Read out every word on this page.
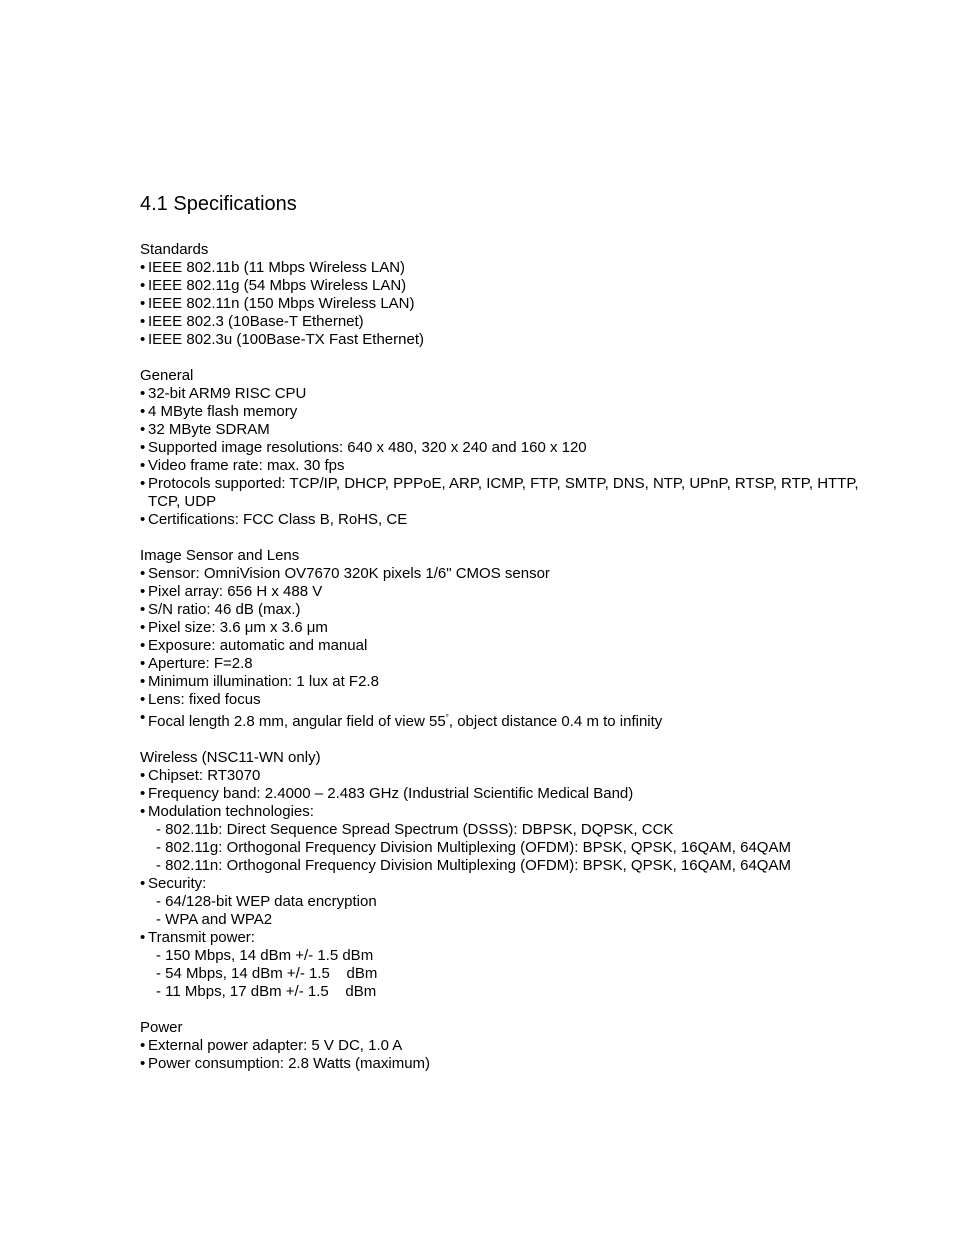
4.1 Specifications

Standards

• IEEE 802.11b (11 Mbps Wireless LAN)
• IEEE 802.11g (54 Mbps Wireless LAN)
• IEEE 802.11n (150 Mbps Wireless LAN)
• IEEE 802.3 (10Base-T Ethernet)
• IEEE 802.3u (100Base-TX Fast Ethernet)

General

• 32-bit ARM9 RISC CPU
• 4 MByte flash memory
• 32 MByte SDRAM
• Supported image resolutions: 640 x 480, 320 x 240 and 160 x 120
• Video frame rate: max. 30 fps
• Protocols supported: TCP/IP, DHCP, PPPoE, ARP, ICMP, FTP, SMTP, DNS, NTP, UPnP, RTSP, RTP, HTTP, TCP, UDP
• Certifications: FCC Class B, RoHS, CE

Image Sensor and Lens

• Sensor: OmniVision OV7670 320K pixels 1/6" CMOS sensor
• Pixel array: 656 H x 488 V
• S/N ratio: 46 dB (max.)
• Pixel size: 3.6 μm x 3.6 μm
• Exposure: automatic and manual
• Aperture: F=2.8
• Minimum illumination: 1 lux at F2.8
• Lens: fixed focus
• Focal length 2.8 mm, angular field of view 55°, object distance 0.4 m to infinity

Wireless (NSC11-WN only)

• Chipset: RT3070
• Frequency band: 2.4000 – 2.483 GHz (Industrial Scientific Medical Band)
• Modulation technologies:
- 802.11b: Direct Sequence Spread Spectrum (DSSS): DBPSK, DQPSK, CCK
- 802.11g: Orthogonal Frequency Division Multiplexing (OFDM): BPSK, QPSK, 16QAM, 64QAM
- 802.11n: Orthogonal Frequency Division Multiplexing (OFDM): BPSK, QPSK, 16QAM, 64QAM
• Security:
- 64/128-bit WEP data encryption
- WPA and WPA2
• Transmit power:
- 150 Mbps, 14 dBm +/- 1.5 dBm
- 54 Mbps, 14 dBm +/- 1.5    dBm
- 11 Mbps, 17 dBm +/- 1.5    dBm

Power

• External power adapter: 5 V DC, 1.0 A
• Power consumption: 2.8 Watts (maximum)
